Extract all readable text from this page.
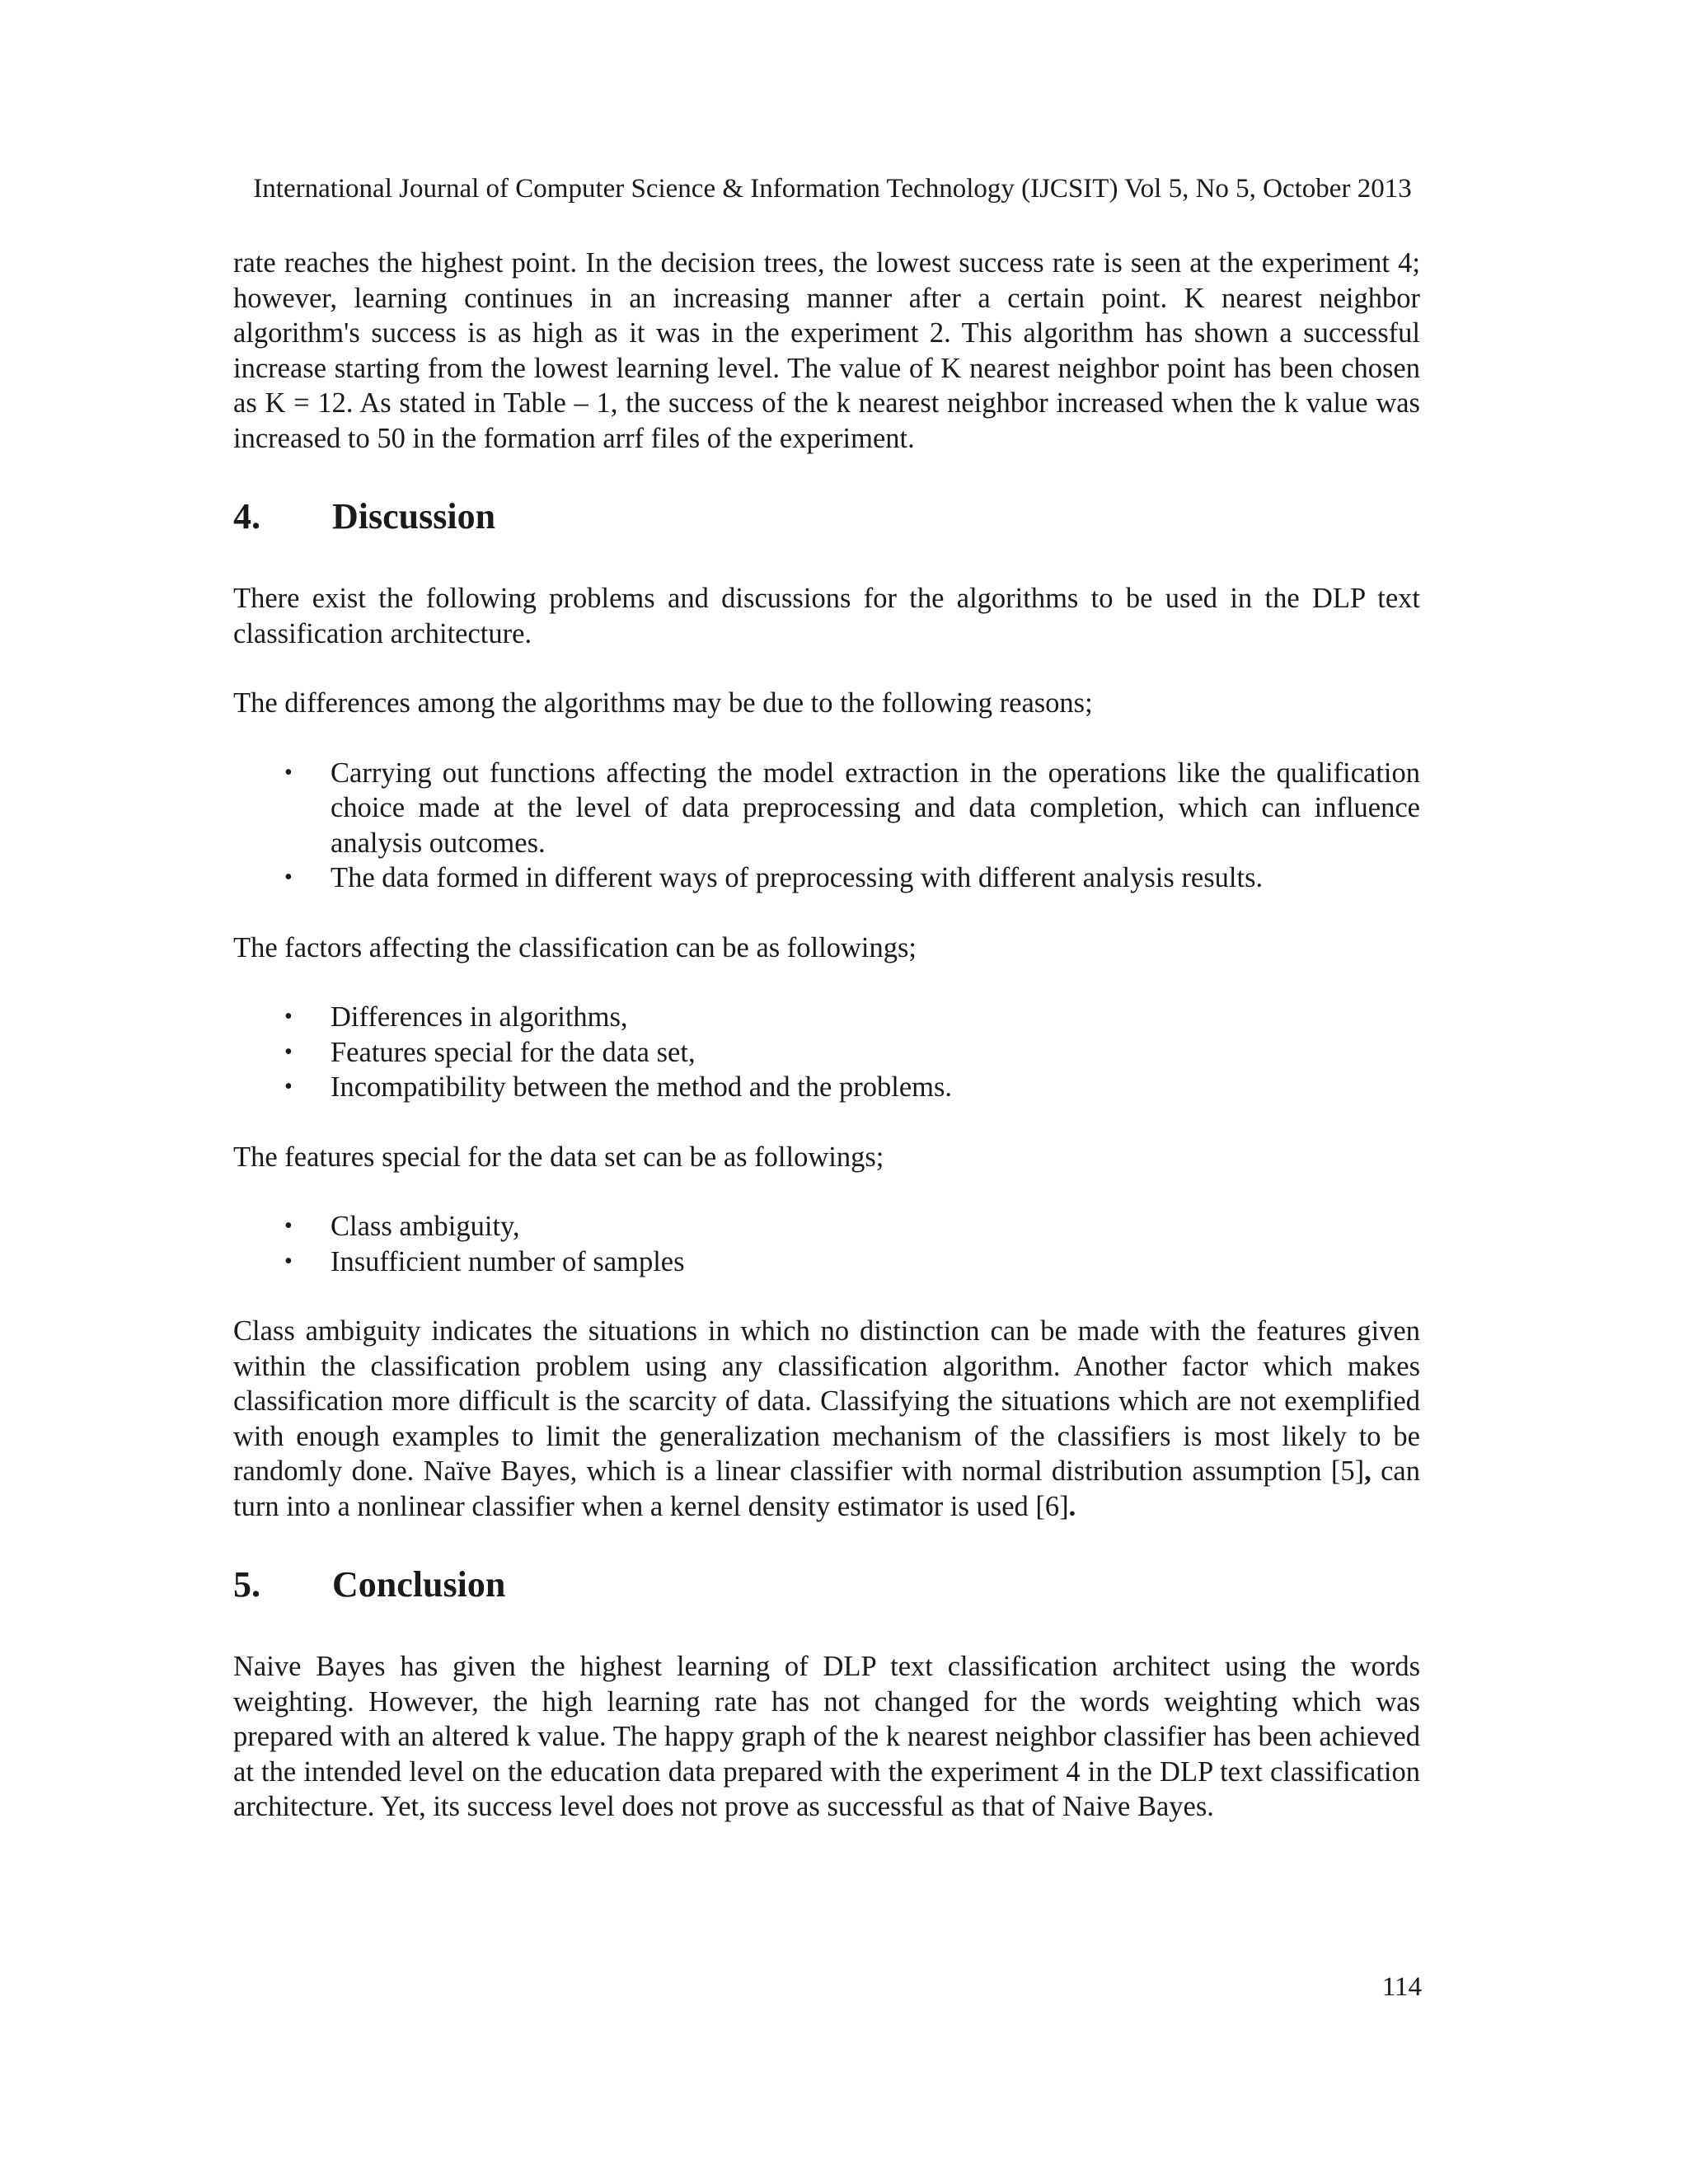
International Journal of Computer Science & Information Technology (IJCSIT) Vol 5, No 5, October 2013

rate reaches the highest point. In the decision trees, the lowest success rate is seen at the experiment 4; however, learning continues in an increasing manner after a certain point. K nearest neighbor algorithm's success is as high as it was in the experiment 2. This algorithm has shown a successful increase starting from the lowest learning level. The value of K nearest neighbor point has been chosen as K = 12. As stated in Table – 1, the success of the k nearest neighbor increased when the k value was increased to 50 in the formation arrf files of the experiment.

4.	Discussion

There exist the following problems and discussions for the algorithms to be used in the DLP text classification architecture.

The differences among the algorithms may be due to the following reasons;

• Carrying out functions affecting the model extraction in the operations like the qualification choice made at the level of data preprocessing and data completion, which can influence analysis outcomes.
• The data formed in different ways of preprocessing with different analysis results.

The factors affecting the classification can be as followings;

• Differences in algorithms,
• Features special for the data set,
• Incompatibility between the method and the problems.

The features special for the data set can be as followings;

• Class ambiguity,
• Insufficient number of samples

Class ambiguity indicates the situations in which no distinction can be made with the features given within the classification problem using any classification algorithm. Another factor which makes classification more difficult is the scarcity of data. Classifying the situations which are not exemplified with enough examples to limit the generalization mechanism of the classifiers is most likely to be randomly done. Naïve Bayes, which is a linear classifier with normal distribution assumption [5], can turn into a nonlinear classifier when a kernel density estimator is used [6].

5.	Conclusion

Naive Bayes has given the highest learning of DLP text classification architect using the words weighting. However, the high learning rate has not changed for the words weighting which was prepared with an altered k value. The happy graph of the k nearest neighbor classifier has been achieved at the intended level on the education data prepared with the experiment 4 in the DLP text classification architecture. Yet, its success level does not prove as successful as that of Naive Bayes.

114
